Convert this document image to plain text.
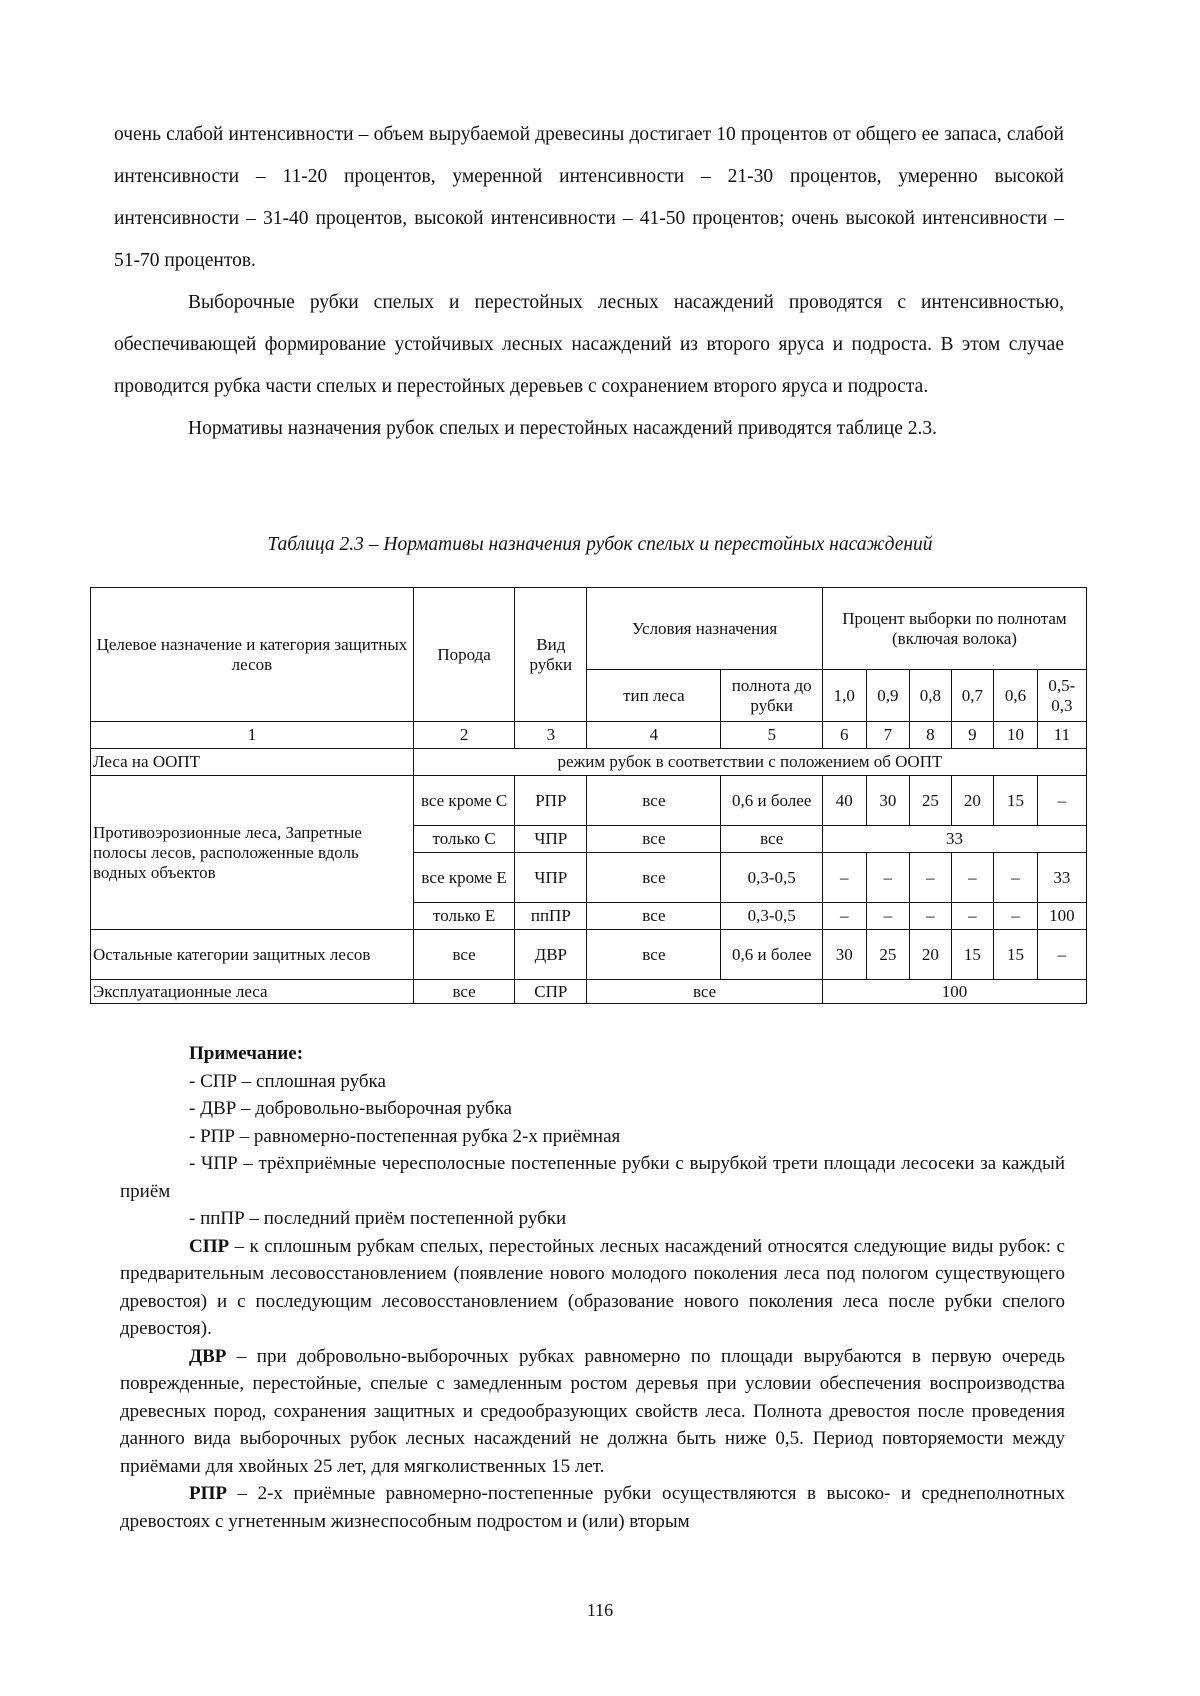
очень слабой интенсивности – объем вырубаемой древесины достигает 10 процентов от общего ее запаса, слабой интенсивности – 11-20 процентов, умеренной интенсивности – 21-30 процентов, умеренно высокой интенсивности – 31-40 процентов, высокой интенсивности – 41-50 процентов; очень высокой интенсивности – 51-70 процентов.

Выборочные рубки спелых и перестойных лесных насаждений проводятся с интенсивностью, обеспечивающей формирование устойчивых лесных насаждений из второго яруса и подроста. В этом случае проводится рубка части спелых и перестойных деревьев с сохранением второго яруса и подроста.

Нормативы назначения рубок спелых и перестойных насаждений приводятся таблице 2.3.

Таблица 2.3 – Нормативы назначения рубок спелых и перестойных насаждений

Целевое назначение и категория защитных лесов	Порода	Вид рубки	Условия назначения		Процент выборки по полнотам (включая волока)					
			тип леса	полнота до рубки	1,0	0,9	0,8	0,7	0,6	0,5-0,3
1	2	3	4	5	6	7	8	9	10	11
Леса на ООПТ	режим рубок в соответствии с положением об ООПТ									
Противоэрозионные леса, Запретные полосы лесов, расположенные вдоль водных объектов	все кроме С	РПР	все	0,6 и более	40	30	25	20	15	–
	только С	ЧПР	все	все	33					
	все кроме Е	ЧПР	все	0,3-0,5	–	–	–	–	–	33
	только Е	ппПР	все	0,3-0,5	–	–	–	–	–	100
Остальные категории защитных лесов	все	ДВР	все	0,6 и более	30	25	20	15	15	–
Эксплуатационные леса	все	СПР	все		100					

Примечание:

- СПР – сплошная рубка

- ДВР – добровольно-выборочная рубка

- РПР – равномерно-постепенная рубка 2-х приёмная

- ЧПР – трёхприёмные чересполосные постепенные рубки с вырубкой трети площади лесосеки за каждый приём

- ппПР – последний приём постепенной рубки

СПР – к сплошным рубкам спелых, перестойных лесных насаждений относятся следующие виды рубок: с предварительным лесовосстановлением (появление нового молодого поколения леса под пологом существующего древостоя) и с последующим лесовосстановлением (образование нового поколения леса после рубки спелого древостоя).

ДВР – при добровольно-выборочных рубках равномерно по площади вырубаются в первую очередь поврежденные, перестойные, спелые с замедленным ростом деревья при условии обеспечения воспроизводства древесных пород, сохранения защитных и средообразующих свойств леса. Полнота древостоя после проведения данного вида выборочных рубок лесных насаждений не должна быть ниже 0,5. Период повторяемости между приёмами для хвойных 25 лет, для мягколиственных 15 лет.

РПР – 2-х приёмные равномерно-постепенные рубки осуществляются в высоко- и среднеполнотных древостоях с угнетенным жизнеспособным подростом и (или) вторым

116
